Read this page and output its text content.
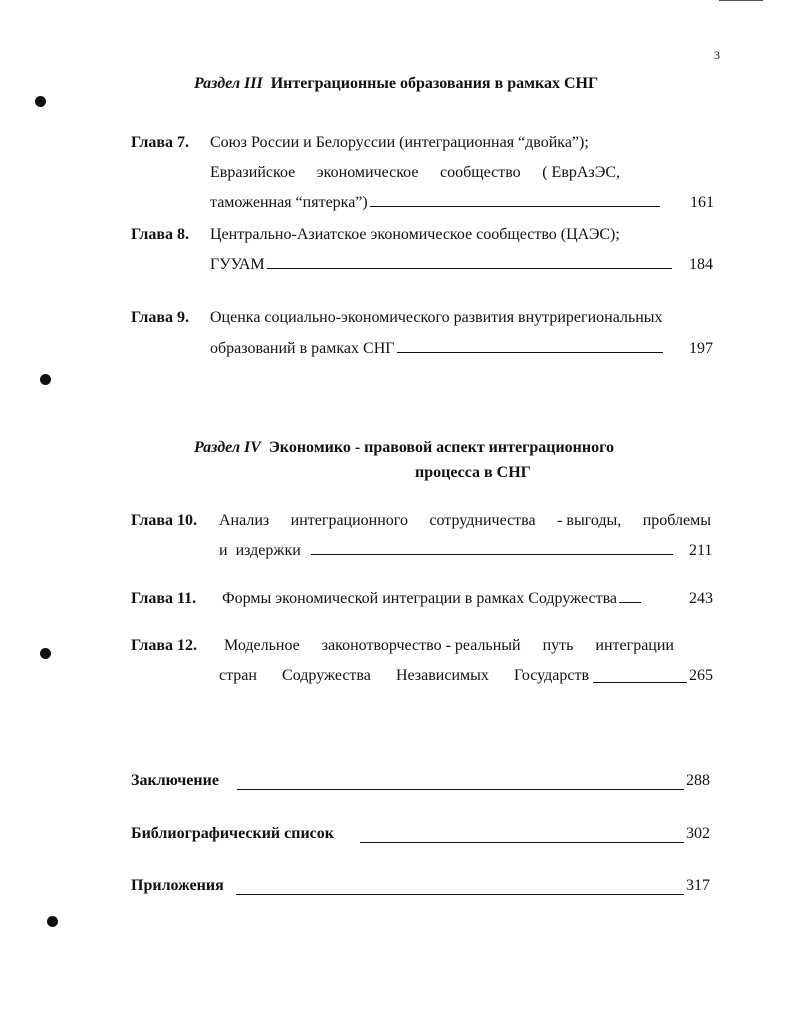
3
Раздел III Интеграционные образования в рамках СНГ
Глава 7. Союз России и Белоруссии (интеграционная “двойка”);
Евразийское экономическое сообщество ( ЕврАзЭС,
таможенная “пятерка”)	161
Глава 8. Центрально-Азиатское экономическое сообщество (ЦАЭС);
ГУУАМ	184
Глава 9. Оценка социально-экономического развития внутрирегиональных
образований в рамках СНГ	197
Раздел IV Экономико - правовой аспект интеграционного
процесса в СНГ
Глава 10. Анализ интеграционного сотрудничества - выгоды, проблемы
и издержки	211
Глава 11. Формы экономической интеграции в рамках Содружества	243
Глава 12. Модельное законотворчество - реальный путь интеграции
стран Содружества Независимых Государств	265
Заключение	288
Библиографический список	302
Приложения	317
